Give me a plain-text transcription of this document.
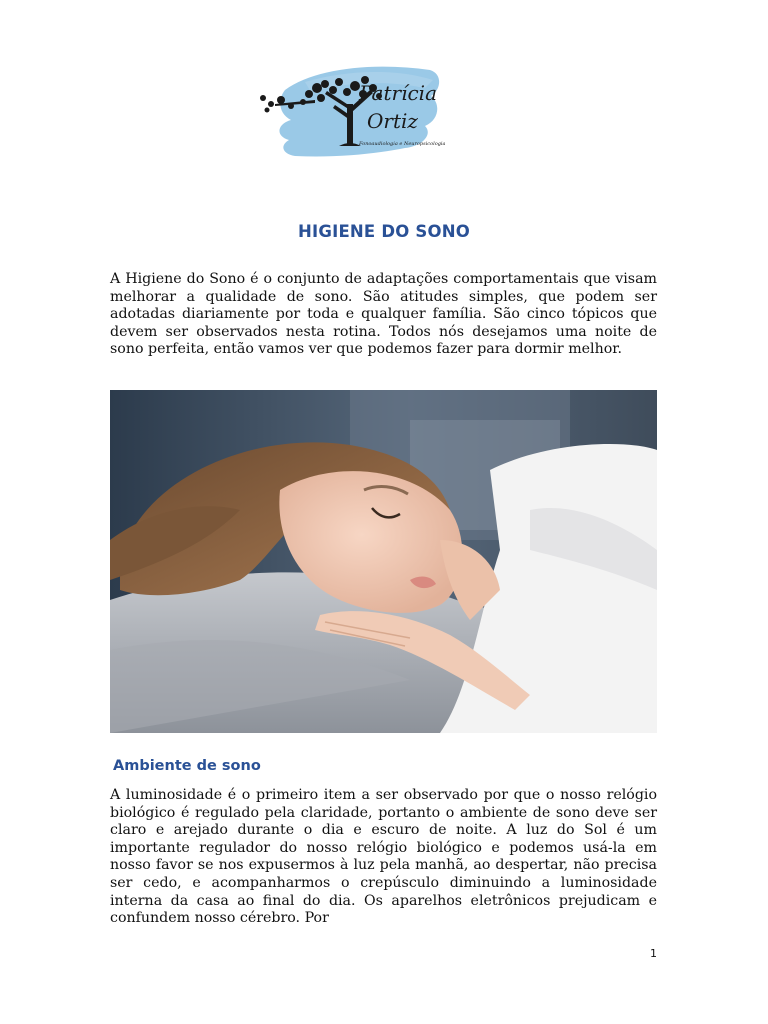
Patrícia
Ortiz
Fonoaudiologia e Neuropsicologia
HIGIENE DO SONO

A Higiene do Sono é o conjunto de adaptações comportamentais que visam melhorar a qualidade de sono. São atitudes simples, que podem ser adotadas diariamente por toda e qualquer família. São cinco tópicos que devem ser observados nesta rotina. Todos nós desejamos uma noite de sono perfeita, então vamos ver que podemos fazer para dormir melhor.

Ambiente de sono

A luminosidade é o primeiro item a ser observado por que o nosso relógio biológico é regulado pela claridade, portanto o ambiente de sono deve ser claro e arejado durante o dia e escuro de noite. A luz do Sol é um importante regulador do nosso relógio biológico e podemos usá-la em nosso favor se nos expusermos à luz pela manhã, ao despertar, não precisa ser cedo, e acompanharmos o crepúsculo diminuindo a luminosidade interna da casa ao final do dia. Os aparelhos eletrônicos prejudicam e confundem nosso cérebro. Por

1
